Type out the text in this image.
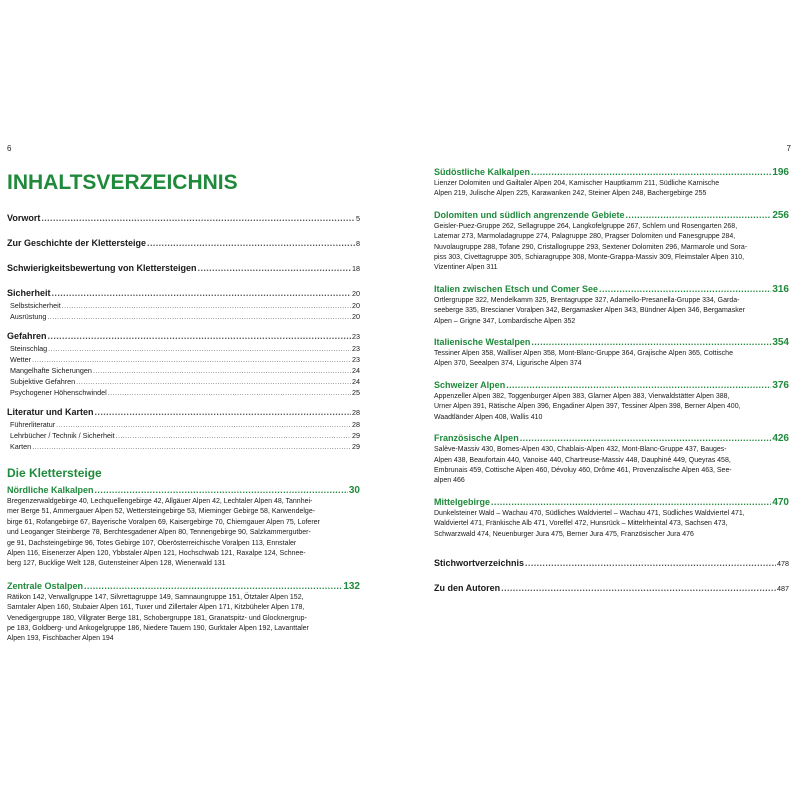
6
INHALTSVERZEICHNIS
Vorwort .....	5
Zur Geschichte der Klettersteige .....	8
Schwierigkeitsbewertung von Klettersteigen .....	18
Sicherheit .....	20
Selbstsicherheit .....	20
Ausrüstung .....	20
Gefahren .....	23
Steinschlag .....	23
Wetter .....	23
Mangelhafte Sicherungen .....	24
Subjektive Gefahren .....	24
Psychogener Höhenschwindel .....	25
Literatur und Karten .....	28
Führerliteratur .....	28
Lehrbücher / Technik / Sicherheit .....	29
Karten .....	29
Die Klettersteige
Nördliche Kalkalpen .....	30
Bregenzerwaldgebirge 40, Lechquellengebirge 42, Allgäuer Alpen 42, Lechtaler Alpen 48, Tannhei-
mer Berge 51, Ammergauer Alpen 52, Wettersteingebirge 53, Mieminger Gebirge 58, Karwendelge-
birge 61, Rofangebirge 67, Bayerische Voralpen 69, Kaisergebirge 70, Chiemgauer Alpen 75, Loferer
und Leoganger Steinberge 78, Berchtesgadener Alpen 80, Tennengebirge 90, Salzkammergutber-
ge 91, Dachsteingebirge 96, Totes Gebirge 107, Oberösterreichische Voralpen 113, Ennstaler
Alpen 116, Eisenerzer Alpen 120, Ybbstaler Alpen 121, Hochschwab 121, Raxalpe 124, Schnee-
berg 127, Bucklige Welt 128, Gutensteiner Alpen 128, Wienerwald 131
Zentrale Ostalpen .....	132
Rätikon 142, Verwallgruppe 147, Silvrettagruppe 149, Samnaungruppe 151, Ötztaler Alpen 152,
Sarntaler Alpen 160, Stubaier Alpen 161, Tuxer und Zillertaler Alpen 171, Kitzbüheler Alpen 178,
Venedigergruppe 180, Villgrater Berge 181, Schobergruppe 181, Granatspitz- und Glocknergrup-
pe 183, Goldberg- und Ankogelgruppe 186, Niedere Tauern 190, Gurktaler Alpen 192, Lavanttaler
Alpen 193, Fischbacher Alpen 194
7
Südöstliche Kalkalpen .....	196
Lienzer Dolomiten und Gailtaler Alpen 204, Karnischer Hauptkamm 211, Südliche Karnische
Alpen 219, Julische Alpen 225, Karawanken 242, Steiner Alpen 248, Bachergebirge 255
Dolomiten und südlich angrenzende Gebiete .....	256
Geisler-Puez-Gruppe 262, Sellagruppe 264, Langkofelgruppe 267, Schlern und Rosengarten 268,
Latemar 273, Marmoladagruppe 274, Palagruppe 280, Pragser Dolomiten und Fanesgruppe 284,
Nuvolaugruppe 288, Tofane 290, Cristallogruppe 293, Sextener Dolomiten 296, Marmarole und Sora-
piss 303, Civettagruppe 305, Schiaragruppe 308, Monte-Grappa-Massiv 309, Fleimstaler Alpen 310,
Vizentiner Alpen 311
Italien zwischen Etsch und Comer See .....	316
Ortlergruppe 322, Mendelkamm 325, Brentagruppe 327, Adamello-Presanella-Gruppe 334, Garda-
seeberge 335, Brescianer Voralpen 342, Bergamasker Alpen 343, Bündner Alpen 346, Bergamasker
Alpen – Grigne 347, Lombardische Alpen 352
Italienische Westalpen .....	354
Tessiner Alpen 358, Walliser Alpen 358, Mont-Blanc-Gruppe 364, Grajische Alpen 365, Cottische
Alpen 370, Seealpen 374, Ligurische Alpen 374
Schweizer Alpen .....	376
Appenzeller Alpen 382, Toggenburger Alpen 383, Glarner Alpen 383, Vierwaldstätter Alpen 388,
Urner Alpen 391, Rätische Alpen 396, Engadiner Alpen 397, Tessiner Alpen 398, Berner Alpen 400,
Waadtländer Alpen 408, Wallis 410
Französische Alpen .....	426
Salève-Massiv 430, Bornes-Alpen 430, Chablais-Alpen 432, Mont-Blanc-Gruppe 437, Bauges-
Alpen 438, Beaufortain 440, Vanoise 440, Chartreuse-Massiv 448, Dauphiné 449, Queyras 458,
Embrunais 459, Cottische Alpen 460, Dévoluy 460, Drôme 461, Provenzalische Alpen 463, See-
alpen 466
Mittelgebirge .....	470
Dunkelsteiner Wald – Wachau 470, Südliches Waldviertel – Wachau 471, Südliches Waldviertel 471,
Waldviertel 471, Fränkische Alb 471, Vorelfel 472, Hunsrück – Mittelrheintal 473, Sachsen 473,
Schwarzwald 474, Neuenburger Jura 475, Berner Jura 475, Französischer Jura 476
Stichwortverzeichnis .....	478
Zu den Autoren .....	487
